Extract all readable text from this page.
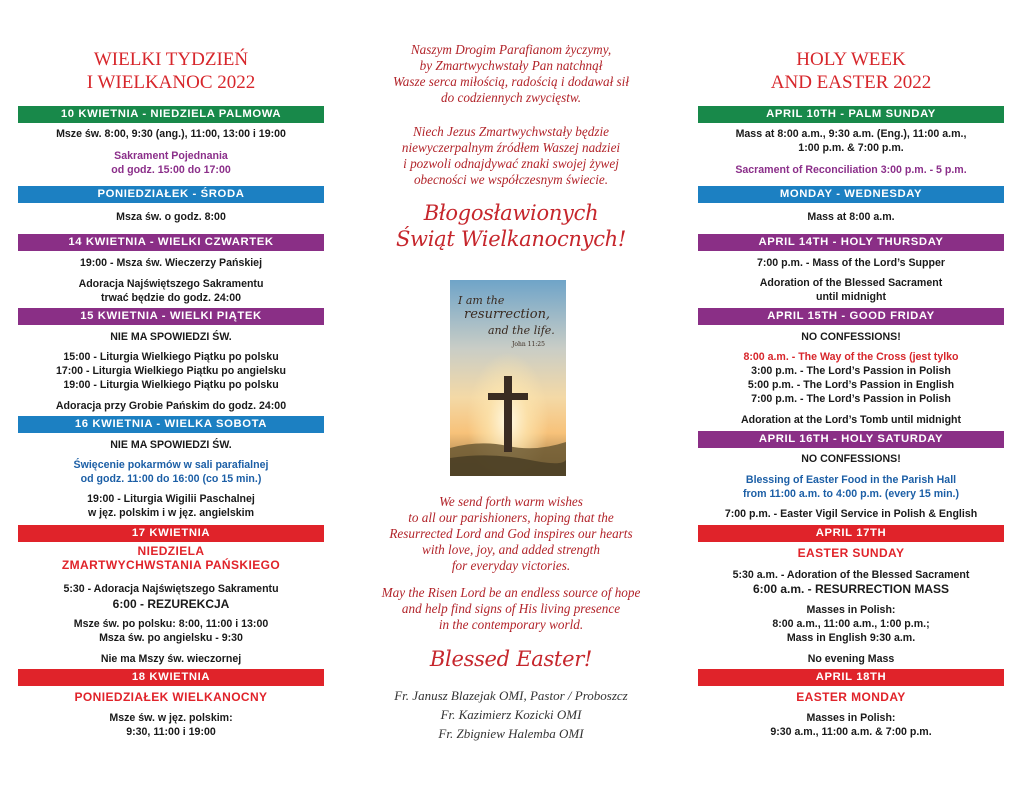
WIELKI TYDZIEŃ
I WIELKANOC 2022
10 KWIETNIA - NIEDZIELA PALMOWA
Msze św. 8:00, 9:30 (ang.), 11:00, 13:00 i 19:00
Sakrament Pojednania
od godz. 15:00 do 17:00
PONIEDZIAŁEK - ŚRODA
Msza św. o godz. 8:00
14 KWIETNIA - WIELKI CZWARTEK
19:00 - Msza św. Wieczerzy Pańskiej
Adoracja Najświętszego Sakramentu
trwać będzie do godz. 24:00
15 KWIETNIA - WIELKI PIĄTEK
NIE MA SPOWIEDZI ŚW.
15:00 - Liturgia Wielkiego Piątku po polsku
17:00 - Liturgia Wielkiego Piątku po angielsku
19:00 - Liturgia Wielkiego Piątku po polsku
Adoracja przy Grobie Pańskim do godz. 24:00
16 KWIETNIA - WIELKA SOBOTA
NIE MA SPOWIEDZI ŚW.
Święcenie pokarmów w sali parafialnej
od godz. 11:00 do 16:00 (co 15 min.)
19:00 - Liturgia Wigilii Paschalnej
w jęz. polskim i w jęz. angielskim
17 KWIETNIA
NIEDZIELA
ZMARTWYCHWSTANIA PAŃSKIEGO
5:30 - Adoracja Najświętszego Sakramentu
6:00 - REZUREKCJA
Msze św. po polsku: 8:00, 11:00 i 13:00
Msza św. po angielsku - 9:30
Nie ma Mszy św. wieczornej
18 KWIETNIA
PONIEDZIAŁEK WIELKANOCNY
Msze św. w jęz. polskim:
9:30, 11:00 i 19:00
Naszym Drogim Parafianom życzymy,
by Zmartwychwstały Pan natchnął
Wasze serca miłością, radością i dodawał sił
do codziennych zwycięstw.
Niech Jezus Zmartwychwstały będzie
niewyczerpalnym źródłem Waszej nadziei
i pozwoli odnajdywać znaki swojej żywej
obecności we współczesnym świecie.
Błogosławionych
Świąt Wielkanocnych!
I am the
resurrection,
and the life.
John 11:25
We send forth warm wishes
to all our parishioners, hoping that the
Resurrected Lord and God inspires our hearts
with love, joy, and added strength
for everyday victories.
May the Risen Lord be an endless source of hope
and help find signs of His living presence
in the contemporary world.
Blessed Easter!
Fr. Janusz Blazejak OMI, Pastor / Proboszcz
Fr. Kazimierz Kozicki OMI
Fr. Zbigniew Halemba OMI
HOLY WEEK
AND EASTER 2022
APRIL 10TH - PALM SUNDAY
Mass at 8:00 a.m., 9:30 a.m. (Eng.), 11:00 a.m.,
1:00 p.m. & 7:00 p.m.
Sacrament of Reconciliation 3:00 p.m. - 5 p.m.
MONDAY - WEDNESDAY
Mass at 8:00 a.m.
APRIL 14TH - HOLY THURSDAY
7:00 p.m. - Mass of the Lord’s Supper
Adoration of the Blessed Sacrament
until midnight
APRIL 15TH - GOOD FRIDAY
NO CONFESSIONS!
8:00 a.m. - The Way of the Cross (jest tylko
3:00 p.m. - The Lord’s Passion in Polish
5:00 p.m. - The Lord’s Passion in English
7:00 p.m. - The Lord’s Passion in Polish
Adoration at the Lord’s Tomb until midnight
APRIL 16TH - HOLY SATURDAY
NO CONFESSIONS!
Blessing of Easter Food in the Parish Hall
from 11:00 a.m. to 4:00 p.m. (every 15 min.)
7:00 p.m. - Easter Vigil Service in Polish & English
APRIL 17TH
EASTER SUNDAY
5:30 a.m. - Adoration of the Blessed Sacrament
6:00 a.m. - RESURRECTION MASS
Masses in Polish:
8:00 a.m., 11:00 a.m., 1:00 p.m.;
Mass in English 9:30 a.m.
No evening Mass
APRIL 18TH
EASTER MONDAY
Masses in Polish:
9:30 a.m., 11:00 a.m. & 7:00 p.m.
